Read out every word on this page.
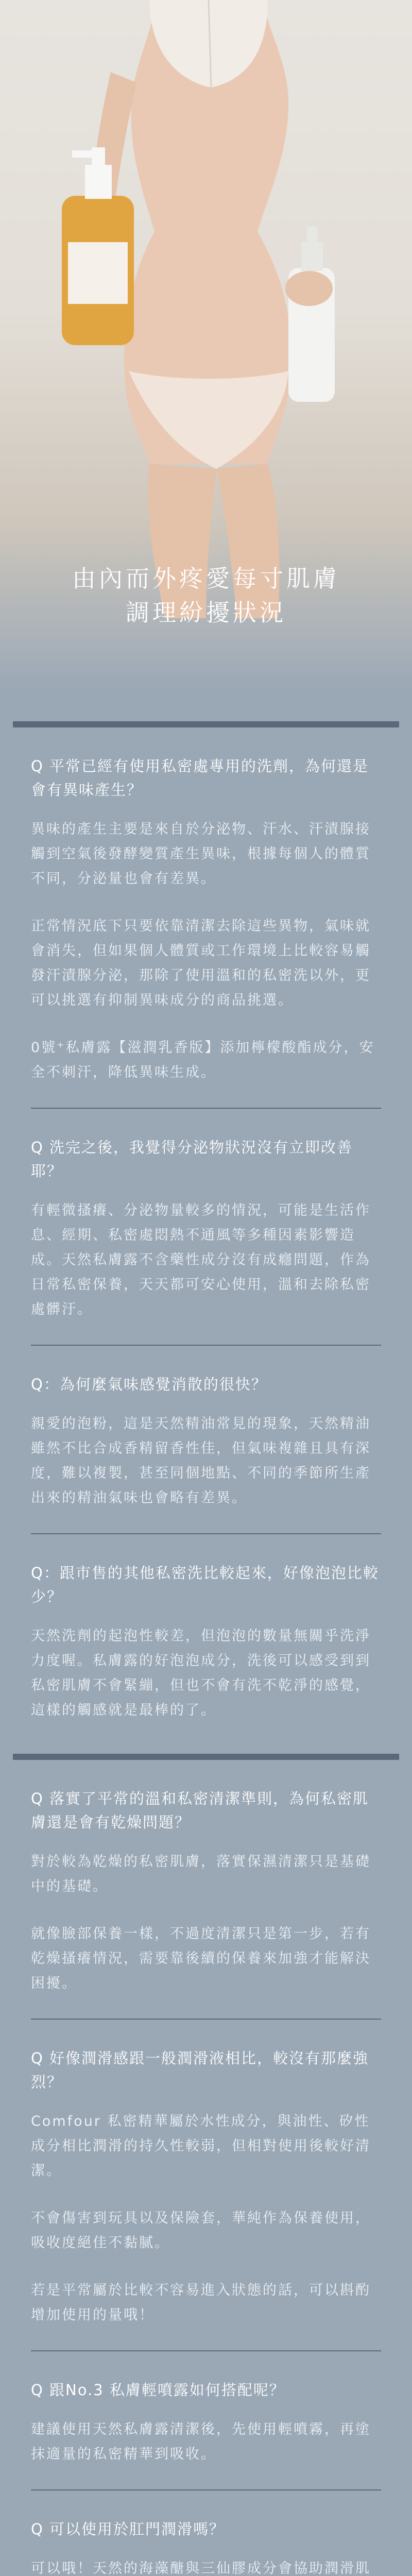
由內而外疼愛每寸肌膚
調理紛擾狀況
Q 平常已經有使用私密處專用的洗劑，為何還是會有異味產生？
異味的產生主要是來自於分泌物、汗水、汗漬腺接觸到空氣後發酵變質產生異味，根據每個人的體質不同，分泌量也會有差異。
正常情況底下只要依靠清潔去除這些異物，氣味就會消失，但如果個人體質或工作環境上比較容易觸發汗漬腺分泌，那除了使用溫和的私密洗以外，更可以挑選有抑制異味成分的商品挑選。
0號⁺私膚露【滋潤乳香版】添加檸檬酸酯成分，安全不刺汗，降低異味生成。
Q 洗完之後，我覺得分泌物狀況沒有立即改善耶？
有輕微搔癢、分泌物量較多的情況，可能是生活作息、經期、私密處悶熱不通風等多種因素影響造成。天然私膚露不含藥性成分沒有成癮問題，作為日常私密保養，天天都可安心使用，溫和去除私密處髒汙。
Q：為何麼氣味感覺消散的很快？
親愛的泡粉，這是天然精油常見的現象，天然精油雖然不比合成香精留香性佳，但氣味複雜且具有深度，難以複製，甚至同個地點、不同的季節所生產出來的精油氣味也會略有差異。
Q：跟市售的其他私密洗比較起來，好像泡泡比較少？
天然洗劑的起泡性較差，但泡泡的數量無關乎洗淨力度喔。私膚露的好泡泡成分，洗後可以感受到到私密肌膚不會緊繃，但也不會有洗不乾淨的感覺，這樣的觸感就是最棒的了。
Q 落實了平常的溫和私密清潔準則，為何私密肌膚還是會有乾燥問題？
對於較為乾燥的私密肌膚，落實保濕清潔只是基礎中的基礎。
就像臉部保養一樣，不過度清潔只是第一步，若有乾燥搔癢情況，需要靠後續的保養來加強才能解決困擾。
Q 好像潤滑感跟一般潤滑液相比，較沒有那麼強烈？
Comfour 私密精華屬於水性成分，與油性、矽性成分相比潤滑的持久性較弱，但相對使用後較好清潔。
不會傷害到玩具以及保險套，華純作為保養使用，吸收度絕佳不黏膩。
若是平常屬於比較不容易進入狀態的話，可以斟酌增加使用的量哦！
Q 跟No.3 私膚輕噴露如何搭配呢？
建議使用天然私膚露清潔後，先使用輕噴霧，再塗抹適量的私密精華到吸收。
Q 可以使用於肛門潤滑嗎？
可以哦！天然的海藻醣與三仙膠成分會協助潤滑肌
